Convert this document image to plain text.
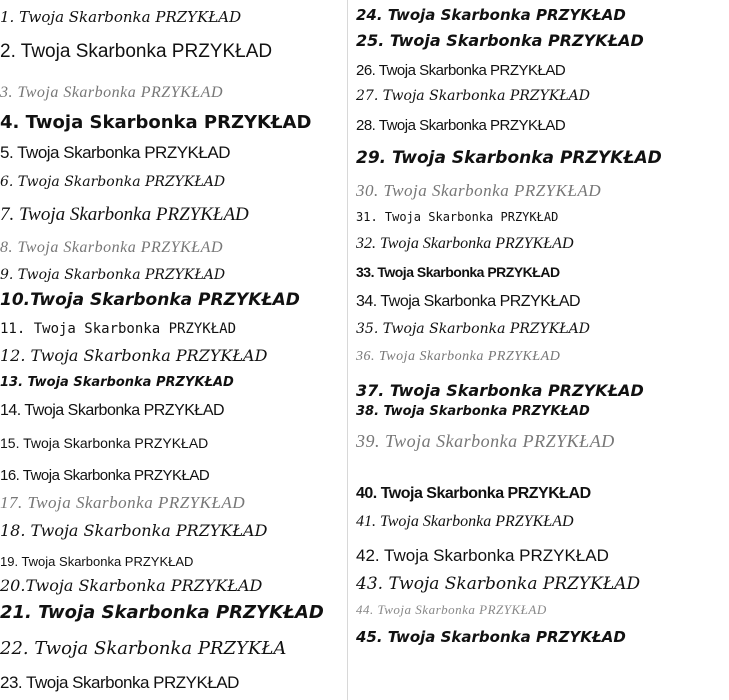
1. Twoja Skarbonka PRZYKŁAD
2. Twoja Skarbonka PRZYKŁAD
3. Twoja Skarbonka PRZYKŁAD
4. Twoja Skarbonka PRZYKŁAD
5. Twoja Skarbonka PRZYKŁAD
6. Twoja Skarbonka PRZYKŁAD
7. Twoja Skarbonka PRZYKŁAD
8. Twoja Skarbonka PRZYKŁAD
9. Twoja Skarbonka PRZYKŁAD
10.Twoja Skarbonka PRZYKŁAD
11. Twoja Skarbonka PRZYKŁAD
12. Twoja Skarbonka PRZYKŁAD
13. Twoja Skarbonka PRZYKŁAD
14. Twoja Skarbonka PRZYKŁAD
15. Twoja Skarbonka PRZYKŁAD
16. Twoja Skarbonka PRZYKŁAD
17. Twoja Skarbonka PRZYKŁAD
18. Twoja Skarbonka PRZYKŁAD
19. Twoja Skarbonka PRZYKŁAD
20.Twoja Skarbonka PRZYKŁAD
21. Twoja Skarbonka PRZYKŁAD
22. Twoja Skarbonka PRZYKŁA
23. Twoja Skarbonka PRZYKŁAD
24. Twoja Skarbonka PRZYKŁAD
25. Twoja Skarbonka PRZYKŁAD
26. Twoja Skarbonka PRZYKŁAD
27. Twoja Skarbonka PRZYKŁAD
28. Twoja Skarbonka PRZYKŁAD
29. Twoja Skarbonka PRZYKŁAD
30. Twoja Skarbonka PRZYKŁAD
31. Twoja Skarbonka PRZYKŁAD
32. Twoja Skarbonka PRZYKŁAD
33. Twoja Skarbonka PRZYKŁAD
34. Twoja Skarbonka PRZYKŁAD
35. Twoja Skarbonka PRZYKŁAD
36. Twoja Skarbonka PRZYKŁAD
37. Twoja Skarbonka PRZYKŁAD
38. Twoja Skarbonka PRZYKŁAD
39. Twoja Skarbonka PRZYKŁAD
40. Twoja Skarbonka PRZYKŁAD
41. Twoja Skarbonka PRZYKŁAD
42. Twoja Skarbonka PRZYKŁAD
43. Twoja Skarbonka PRZYKŁAD
44. Twoja Skarbonka PRZYKŁAD
45. Twoja Skarbonka PRZYKŁAD
